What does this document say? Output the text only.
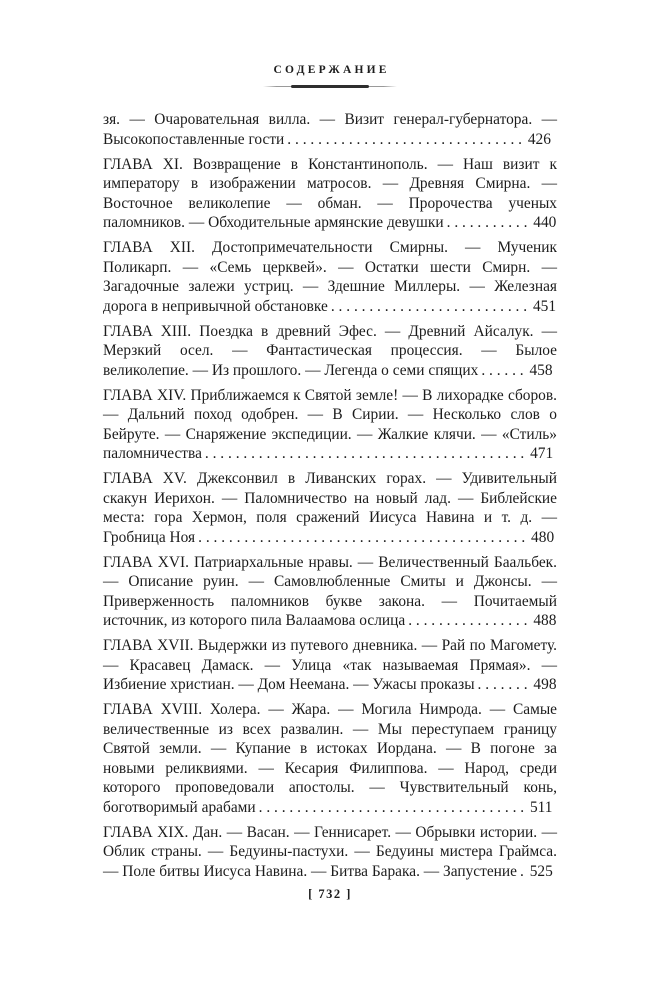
СОДЕРЖАНИЕ

зя. — Очаровательная вилла. — Визит генерал-губернатора. — Высокопоставленные гости . . . . . . . . . . . . . . . . . . . . . . . . . . . . . . . 426

ГЛАВА XI. Возвращение в Константинополь. — Наш визит к императору в изображении матросов. — Древняя Смирна. — Восточное великолепие — обман. — Пророчества ученых паломников. — Обходительные армянские девушки . . . . . . . . . . . 440

ГЛАВА XII. Достопримечательности Смирны. — Мученик Поликарп. — «Семь церквей». — Остатки шести Смирн. — Загадочные залежи устриц. — Здешние Миллеры. — Железная дорога в непривычной обстановке . . . . . . . . . . . . . . . . . . . . . . . . . . 451

ГЛАВА XIII. Поездка в древний Эфес. — Древний Айсалук. — Мерзкий осел. — Фантастическая процессия. — Былое великолепие. — Из прошлого. — Легенда о семи спящих . . . . . . 458

ГЛАВА XIV. Приближаемся к Святой земле! — В лихорадке сборов. — Дальний поход одобрен. — В Сирии. — Несколько слов о Бейруте. — Снаряжение экспедиции. — Жалкие клячи. — «Стиль» паломничества . . . . . . . . . . . . . . . . . . . . . . . . . . . . . . . . . . . . . . . . . . 471

ГЛАВА XV. Джексонвил в Ливанских горах. — Удивительный скакун Иерихон. — Паломничество на новый лад. — Библейские места: гора Хермон, поля сражений Иисуса Навина и т. д. — Гробница Ноя . . . . . . . . . . . . . . . . . . . . . . . . . . . . . . . . . . . . . . . . . . . 480

ГЛАВА XVI. Патриархальные нравы. — Величественный Баальбек. — Описание руин. — Самовлюбленные Смиты и Джонсы. — Приверженность паломников букве закона. — Почитаемый источник, из которого пила Валаамова ослица . . . . . . . . . . . . . . . . 488

ГЛАВА XVII. Выдержки из путевого дневника. — Рай по Магомету. — Красавец Дамаск. — Улица «так называемая Прямая». — Избиение христиан. — Дом Неемана. — Ужасы проказы . . . . . . . 498

ГЛАВА XVIII. Холера. — Жара. — Могила Нимрода. — Самые величественные из всех развалин. — Мы переступаем границу Святой земли. — Купание в истоках Иордана. — В погоне за новыми реликвиями. — Кесария Филиппова. — Народ, среди которого проповедовали апостолы. — Чувствительный конь, боготворимый арабами . . . . . . . . . . . . . . . . . . . . . . . . . . . . . . . . . . . 511

ГЛАВА XIX. Дан. — Васан. — Геннисарет. — Обрывки истории. — Облик страны. — Бедуины-пастухи. — Бедуины мистера Граймса. — Поле битвы Иисуса Навина. — Битва Барака. — Запустение . 525

[ 732 ]
